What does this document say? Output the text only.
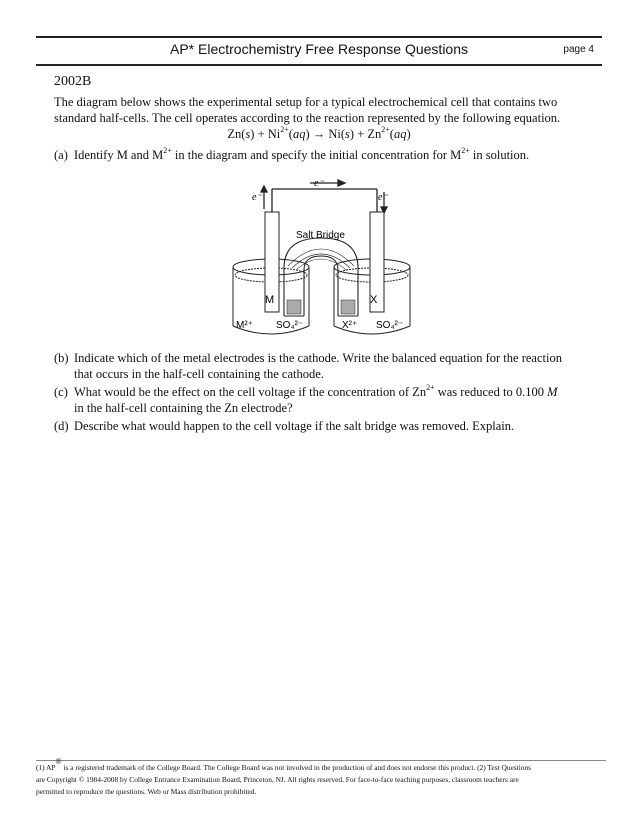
AP* Electrochemistry Free Response Questions	page 4
2002B
The diagram below shows the experimental setup for a typical electrochemical cell that contains two
standard half-cells. The cell operates according to the reaction represented by the following equation.
$Zn(s) + Ni^{2+}(aq) \to Ni(s) + Zn^{2+}(aq)$
(a) Identify M and $M^{2+}$ in the diagram and specify the initial concentration for $M^{2+}$ in solution.
e⁻
e⁻	e⁻
Salt Bridge
M	X
M²⁺ SO₄²⁻	X²⁺ SO₄²⁻
(b) Indicate which of the metal electrodes is the cathode. Write the balanced equation for the reaction
that occurs in the half-cell containing the cathode.
(c) What would be the effect on the cell voltage if the concentration of $Zn^{2+}$ was reduced to 0.100 M
in the half-cell containing the Zn electrode?
(d) Describe what would happen to the cell voltage if the salt bridge was removed. Explain.
(1) AP® is a registered trademark of the College Board. The College Board was not involved in the production of and does not endorse this product. (2) Test Questions
are Copyright © 1984-2008 by College Entrance Examination Board, Princeton, NJ. All rights reserved. For face-to-face teaching purposes, classroom teachers are
permitted to reproduce the questions. Web or Mass distribution prohibited.
